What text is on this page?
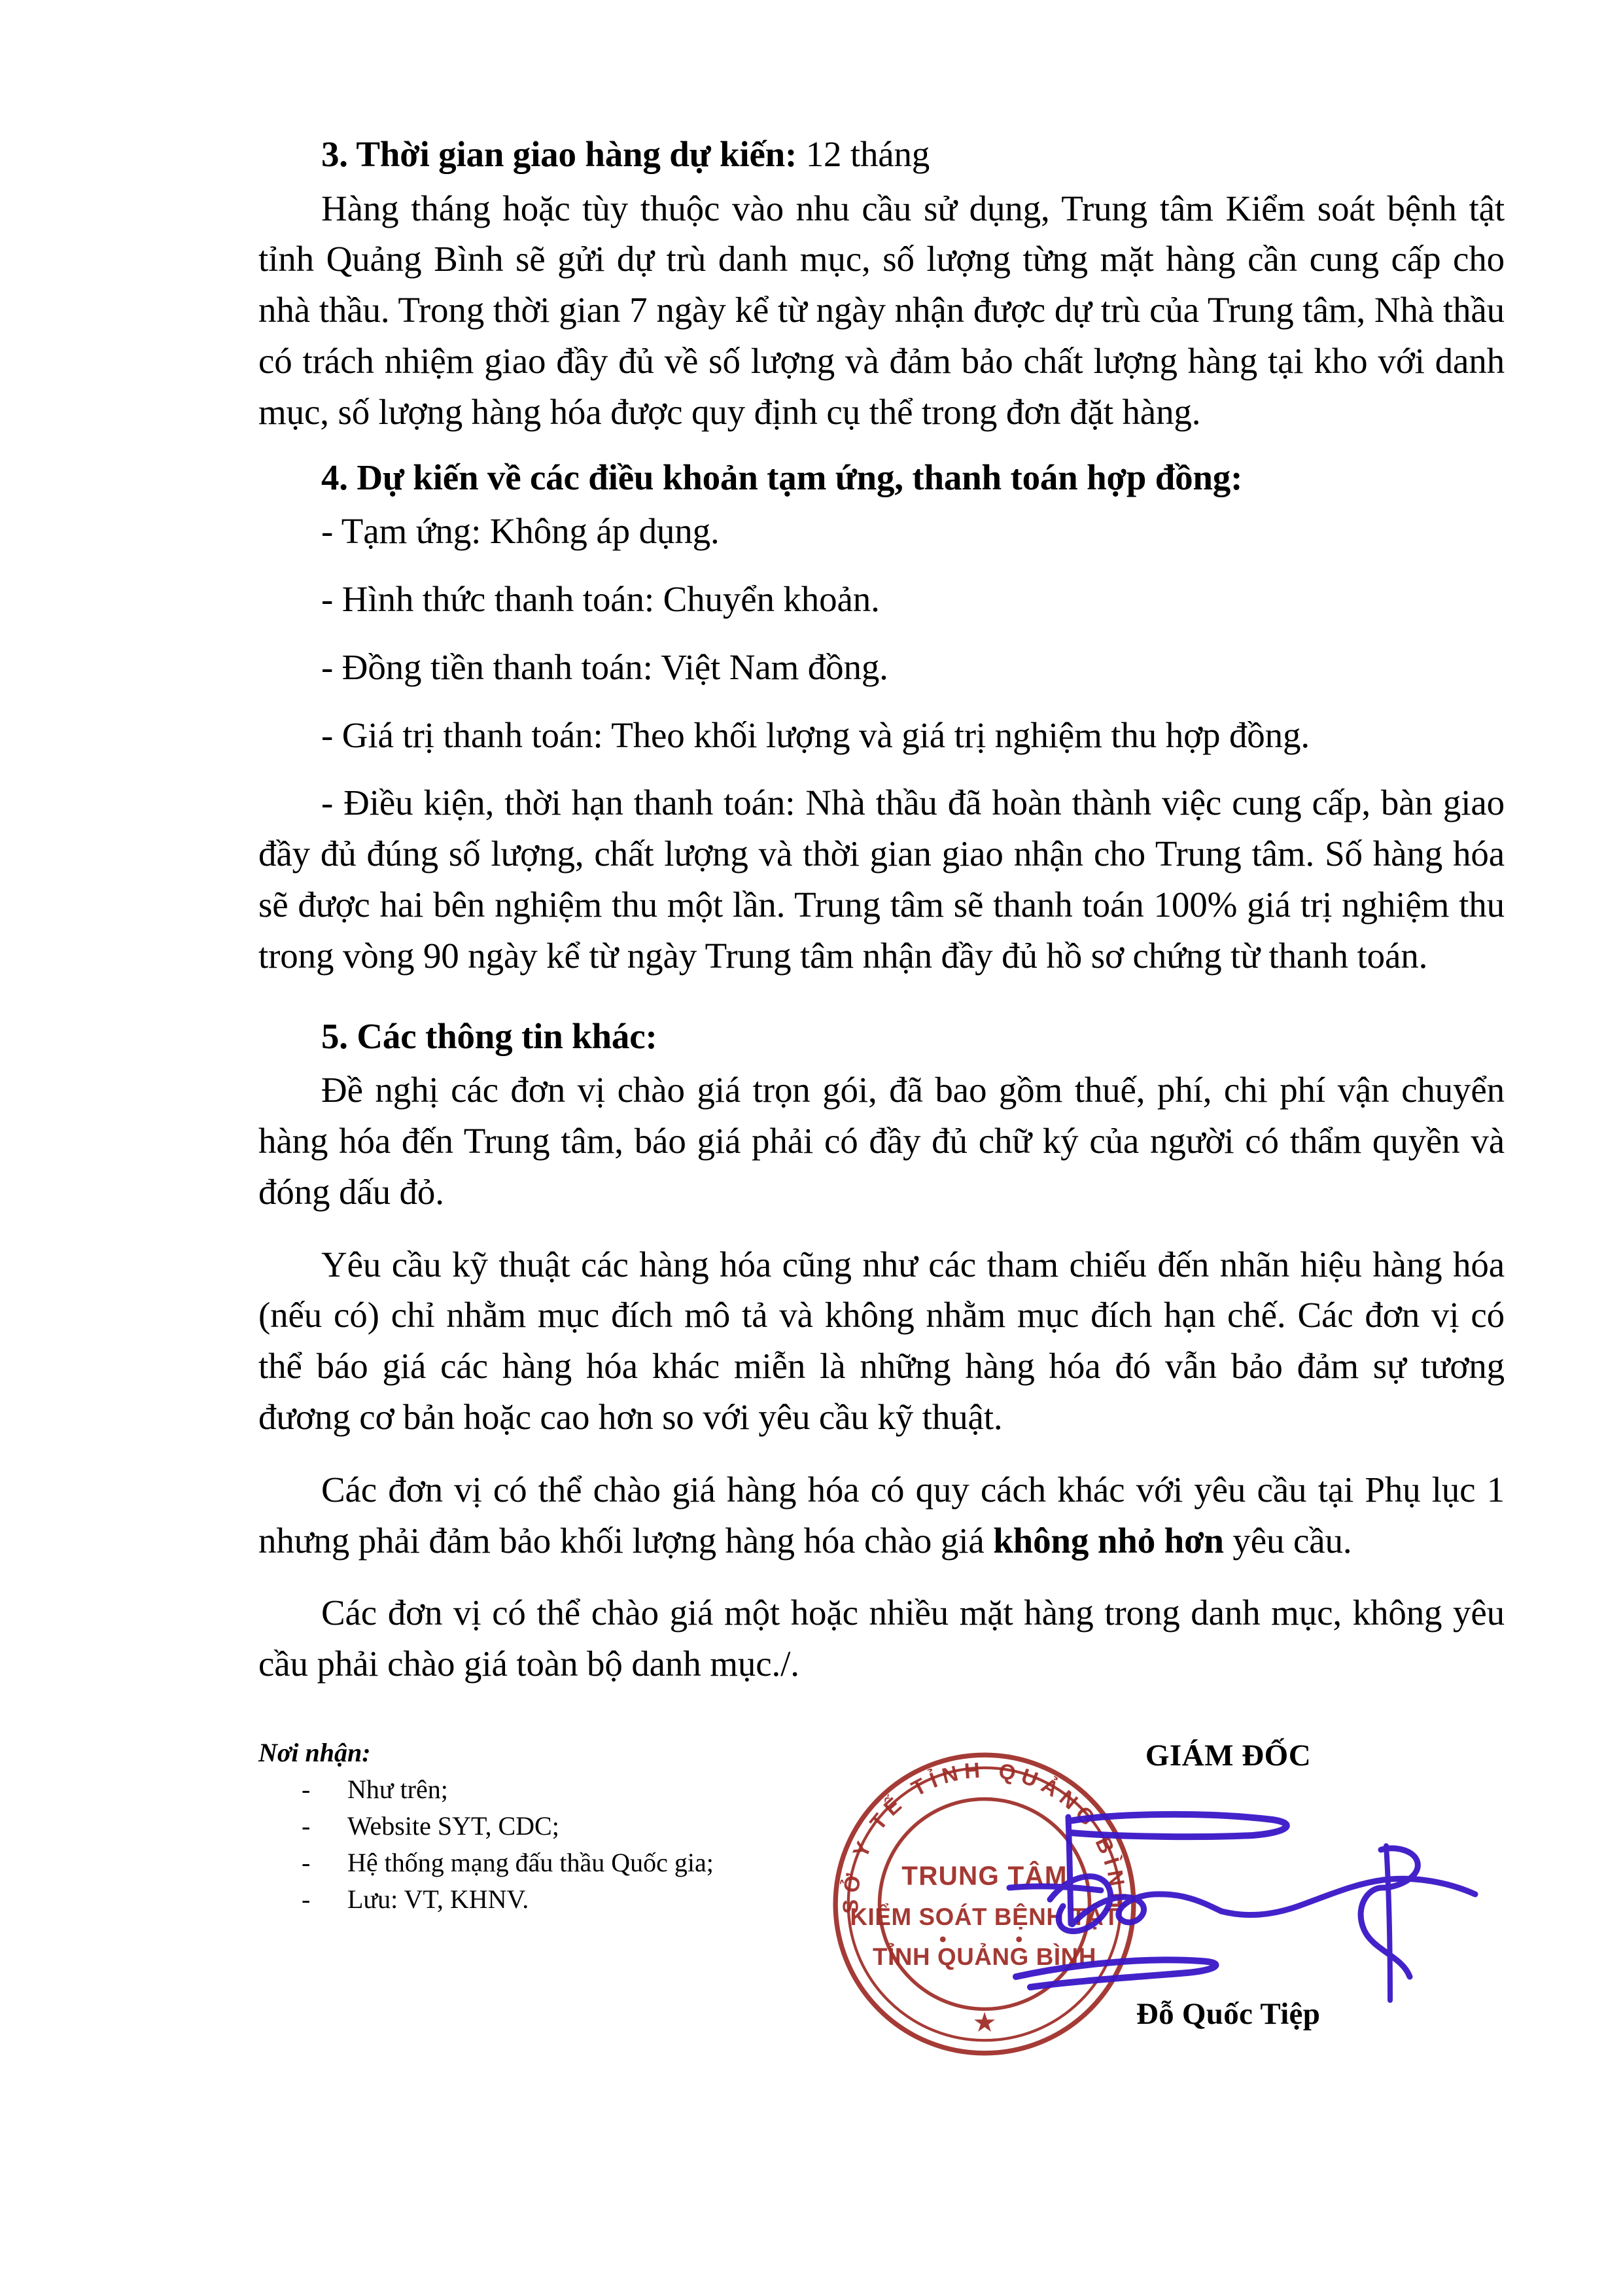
3. Thời gian giao hàng dự kiến: 12 tháng

Hàng tháng hoặc tùy thuộc vào nhu cầu sử dụng, Trung tâm Kiểm soát bệnh tật tỉnh Quảng Bình sẽ gửi dự trù danh mục, số lượng từng mặt hàng cần cung cấp cho nhà thầu. Trong thời gian 7 ngày kể từ ngày nhận được dự trù của Trung tâm, Nhà thầu có trách nhiệm giao đầy đủ về số lượng và đảm bảo chất lượng hàng tại kho với danh mục, số lượng hàng hóa được quy định cụ thể trong đơn đặt hàng.

4. Dự kiến về các điều khoản tạm ứng, thanh toán hợp đồng:

- Tạm ứng: Không áp dụng.

- Hình thức thanh toán: Chuyển khoản.

- Đồng tiền thanh toán: Việt Nam đồng.

- Giá trị thanh toán: Theo khối lượng và giá trị nghiệm thu hợp đồng.

- Điều kiện, thời hạn thanh toán: Nhà thầu đã hoàn thành việc cung cấp, bàn giao đầy đủ đúng số lượng, chất lượng và thời gian giao nhận cho Trung tâm. Số hàng hóa sẽ được hai bên nghiệm thu một lần. Trung tâm sẽ thanh toán 100% giá trị nghiệm thu trong vòng 90 ngày kể từ ngày Trung tâm nhận đầy đủ hồ sơ chứng từ thanh toán.

5. Các thông tin khác:

Đề nghị các đơn vị chào giá trọn gói, đã bao gồm thuế, phí, chi phí vận chuyển hàng hóa đến Trung tâm, báo giá phải có đầy đủ chữ ký của người có thẩm quyền và đóng dấu đỏ.

Yêu cầu kỹ thuật các hàng hóa cũng như các tham chiếu đến nhãn hiệu hàng hóa (nếu có) chỉ nhằm mục đích mô tả và không nhằm mục đích hạn chế. Các đơn vị có thể báo giá các hàng hóa khác miễn là những hàng hóa đó vẫn bảo đảm sự tương đương cơ bản hoặc cao hơn so với yêu cầu kỹ thuật.

Các đơn vị có thể chào giá hàng hóa có quy cách khác với yêu cầu tại Phụ lục 1 nhưng phải đảm bảo khối lượng hàng hóa chào giá không nhỏ hơn yêu cầu.

Các đơn vị có thể chào giá một hoặc nhiều mặt hàng trong danh mục, không yêu cầu phải chào giá toàn bộ danh mục./.

Nơi nhận:
- Như trên;
- Website SYT, CDC;
- Hệ thống mạng đấu thầu Quốc gia;
- Lưu: VT, KHNV.	SỞ Y TẾ TỈNH QUẢNG BÌNH
★
TRUNG TÂM
KIỂM SOÁT BỆNH TẬT
TỈNH QUẢNG BÌNH
GIÁM ĐỐC
Đỗ Quốc Tiệp
